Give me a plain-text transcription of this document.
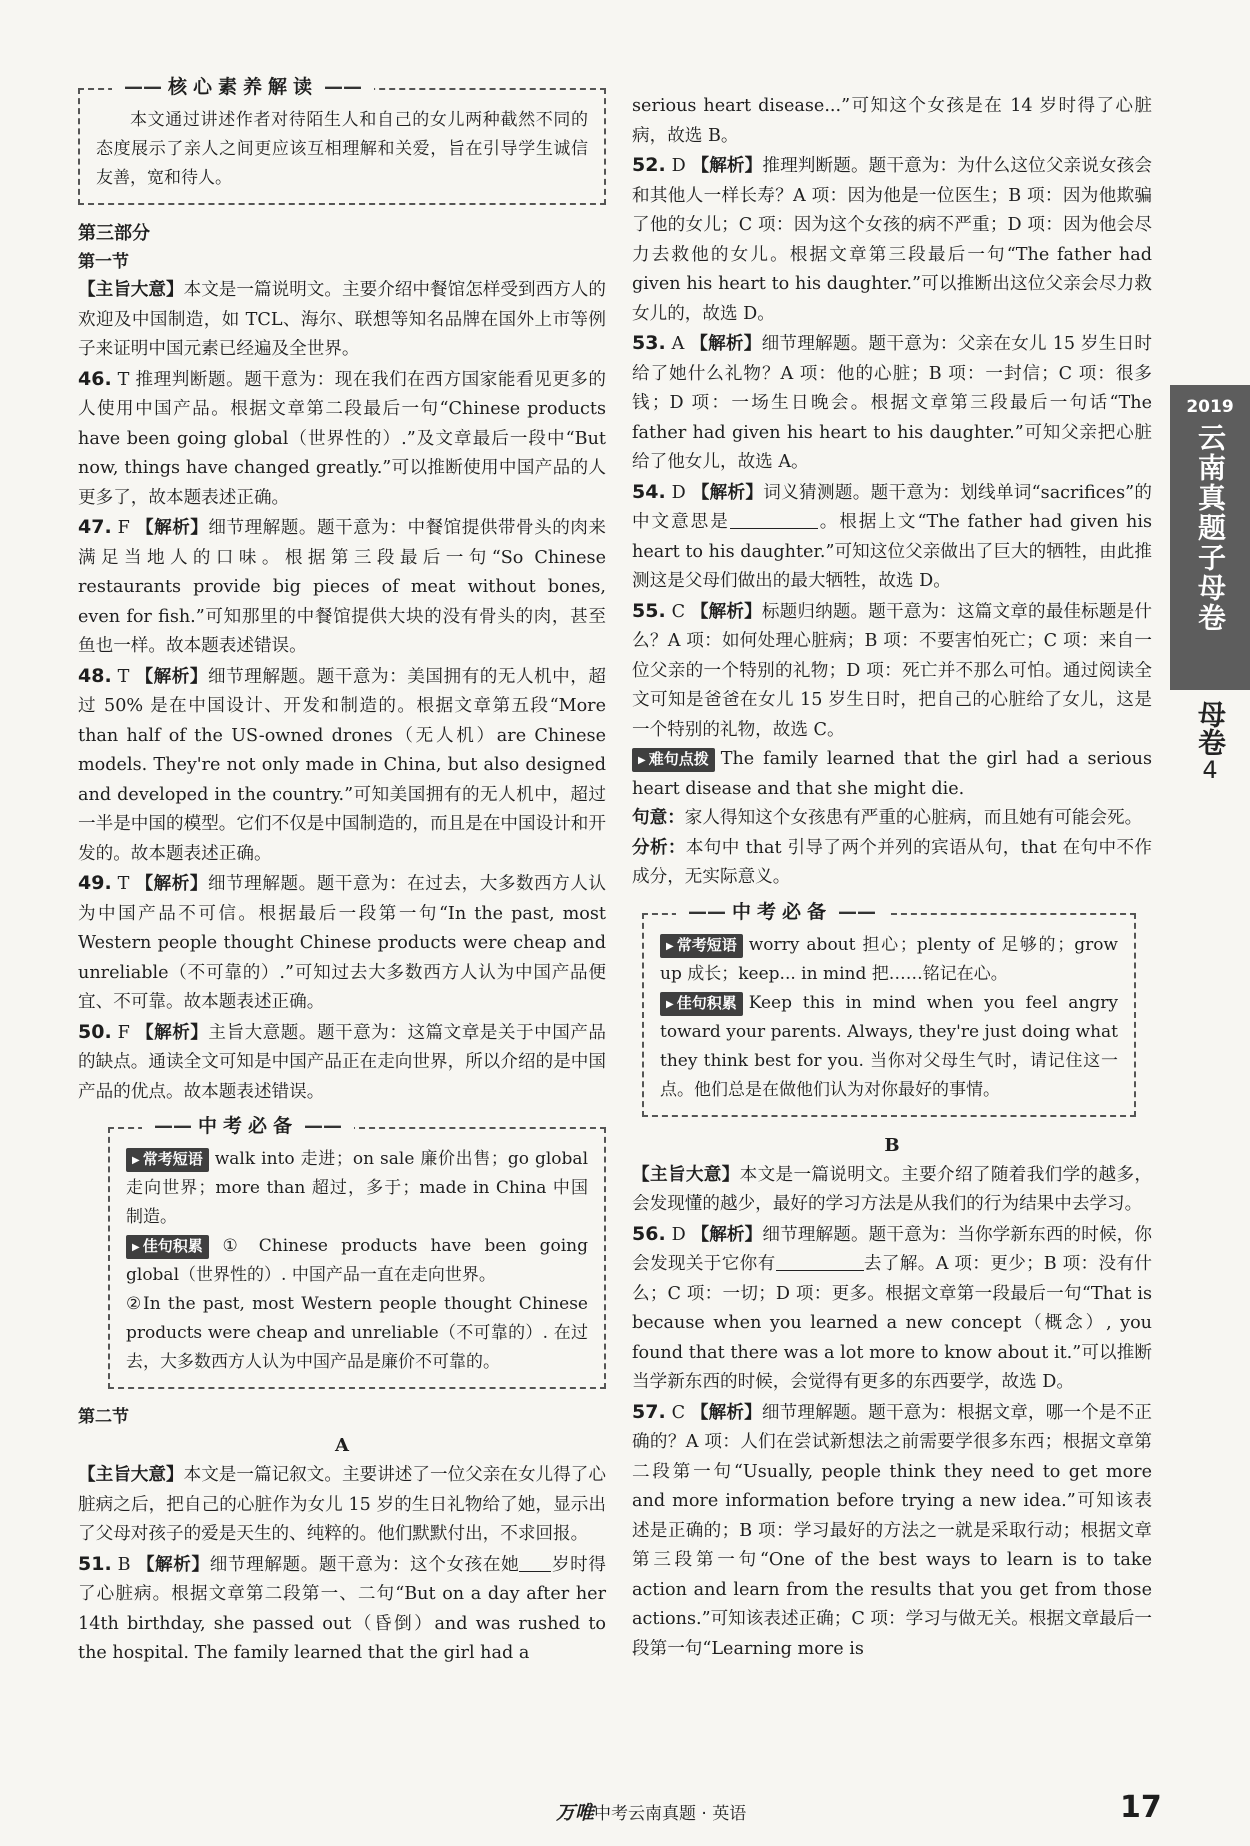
—— 核心素养解读 ——

本文通过讲述作者对待陌生人和自己的女儿两种截然不同的态度展示了亲人之间更应该互相理解和关爱，旨在引导学生诚信友善，宽和待人。

第三部分
第一节

【主旨大意】本文是一篇说明文。主要介绍中餐馆怎样受到西方人的欢迎及中国制造，如 TCL、海尔、联想等知名品牌在国外上市等例子来证明中国元素已经遍及全世界。

46. T 推理判断题。题干意为：现在我们在西方国家能看见更多的人使用中国产品。根据文章第二段最后一句“Chinese products have been going global（世界性的）.”及文章最后一段中“But now, things have changed greatly.”可以推断使用中国产品的人更多了，故本题表述正确。

47. F 【解析】细节理解题。题干意为：中餐馆提供带骨头的肉来满足当地人的口味。根据第三段最后一句“So Chinese restaurants provide big pieces of meat without bones, even for fish.”可知那里的中餐馆提供大块的没有骨头的肉，甚至鱼也一样。故本题表述错误。

48. T 【解析】细节理解题。题干意为：美国拥有的无人机中，超过 50% 是在中国设计、开发和制造的。根据文章第五段“More than half of the US-owned drones（无人机）are Chinese models. They're not only made in China, but also designed and developed in the country.”可知美国拥有的无人机中，超过一半是中国的模型。它们不仅是中国制造的，而且是在中国设计和开发的。故本题表述正确。

49. T 【解析】细节理解题。题干意为：在过去，大多数西方人认为中国产品不可信。根据最后一段第一句“In the past, most Western people thought Chinese products were cheap and unreliable（不可靠的）.”可知过去大多数西方人认为中国产品便宜、不可靠。故本题表述正确。

50. F 【解析】主旨大意题。题干意为：这篇文章是关于中国产品的缺点。通读全文可知是中国产品正在走向世界，所以介绍的是中国产品的优点。故本题表述错误。

—— 中考必备 ——

▶ 常考短语 walk into 走进；on sale 廉价出售；go global 走向世界；more than 超过，多于；made in China 中国制造。

▶ 佳句积累 ① Chinese products have been going global（世界性的）. 中国产品一直在走向世界。

②In the past, most Western people thought Chinese products were cheap and unreliable（不可靠的）. 在过去，大多数西方人认为中国产品是廉价不可靠的。

第二节
A

【主旨大意】本文是一篇记叙文。主要讲述了一位父亲在女儿得了心脏病之后，把自己的心脏作为女儿 15 岁的生日礼物给了她，显示出了父母对孩子的爱是天生的、纯粹的。他们默默付出，不求回报。

51. B 【解析】细节理解题。题干意为：这个女孩在她 岁时得了心脏病。根据文章第二段第一、二句“But on a day after her 14th birthday, she passed out（昏倒）and was rushed to the hospital. The family learned that the girl had a

serious heart disease...”可知这个女孩是在 14 岁时得了心脏病，故选 B。

52. D 【解析】推理判断题。题干意为：为什么这位父亲说女孩会和其他人一样长寿？A 项：因为他是一位医生；B 项：因为他欺骗了他的女儿；C 项：因为这个女孩的病不严重；D 项：因为他会尽力去救他的女儿。根据文章第三段最后一句“The father had given his heart to his daughter.”可以推断出这位父亲会尽力救女儿的，故选 D。

53. A 【解析】细节理解题。题干意为：父亲在女儿 15 岁生日时给了她什么礼物？A 项：他的心脏；B 项：一封信；C 项：很多钱；D 项：一场生日晚会。根据文章第三段最后一句话“The father had given his heart to his daughter.”可知父亲把心脏给了他女儿，故选 A。

54. D 【解析】词义猜测题。题干意为：划线单词“sacrifices”的中文意思是	。根据上文“The father had given his heart to his daughter.”可知这位父亲做出了巨大的牺牲，由此推测这是父母们做出的最大牺牲，故选 D。

55. C 【解析】标题归纳题。题干意为：这篇文章的最佳标题是什么？A 项：如何处理心脏病；B 项：不要害怕死亡；C 项：来自一位父亲的一个特别的礼物；D 项：死亡并不那么可怕。通过阅读全文可知是爸爸在女儿 15 岁生日时，把自己的心脏给了女儿，这是一个特别的礼物，故选 C。

▶ 难句点拨 The family learned that the girl had a serious heart disease and that she might die.

句意：家人得知这个女孩患有严重的心脏病，而且她有可能会死。

分析：本句中 that 引导了两个并列的宾语从句，that 在句中不作成分，无实际意义。

—— 中考必备 ——

▶ 常考短语 worry about 担心；plenty of 足够的；grow up 成长；keep... in mind 把……铭记在心。

▶ 佳句积累 Keep this in mind when you feel angry toward your parents. Always, they're just doing what they think best for you. 当你对父母生气时，请记住这一点。他们总是在做他们认为对你最好的事情。

B

【主旨大意】本文是一篇说明文。主要介绍了随着我们学的越多，会发现懂的越少，最好的学习方法是从我们的行为结果中去学习。

56. D 【解析】细节理解题。题干意为：当你学新东西的时候，你会发现关于它你有	去了解。A 项：更少；B 项：没有什么；C 项：一切；D 项：更多。根据文章第一段最后一句“That is because when you learned a new concept（概念）, you found that there was a lot more to know about it.”可以推断当学新东西的时候，会觉得有更多的东西要学，故选 D。

57. C 【解析】细节理解题。题干意为：根据文章，哪一个是不正确的？A 项：人们在尝试新想法之前需要学很多东西；根据文章第二段第一句“Usually, people think they need to get more and more information before trying a new idea.”可知该表述是正确的；B 项：学习最好的方法之一就是采取行动；根据文章第三段第一句“One of the best ways to learn is to take action and learn from the results that you get from those actions.”可知该表述正确；C 项：学习与做无关。根据文章最后一段第一句“Learning more is

2019
云南真题子母卷
母卷
4
万唯中考云南真题 · 英语	17
